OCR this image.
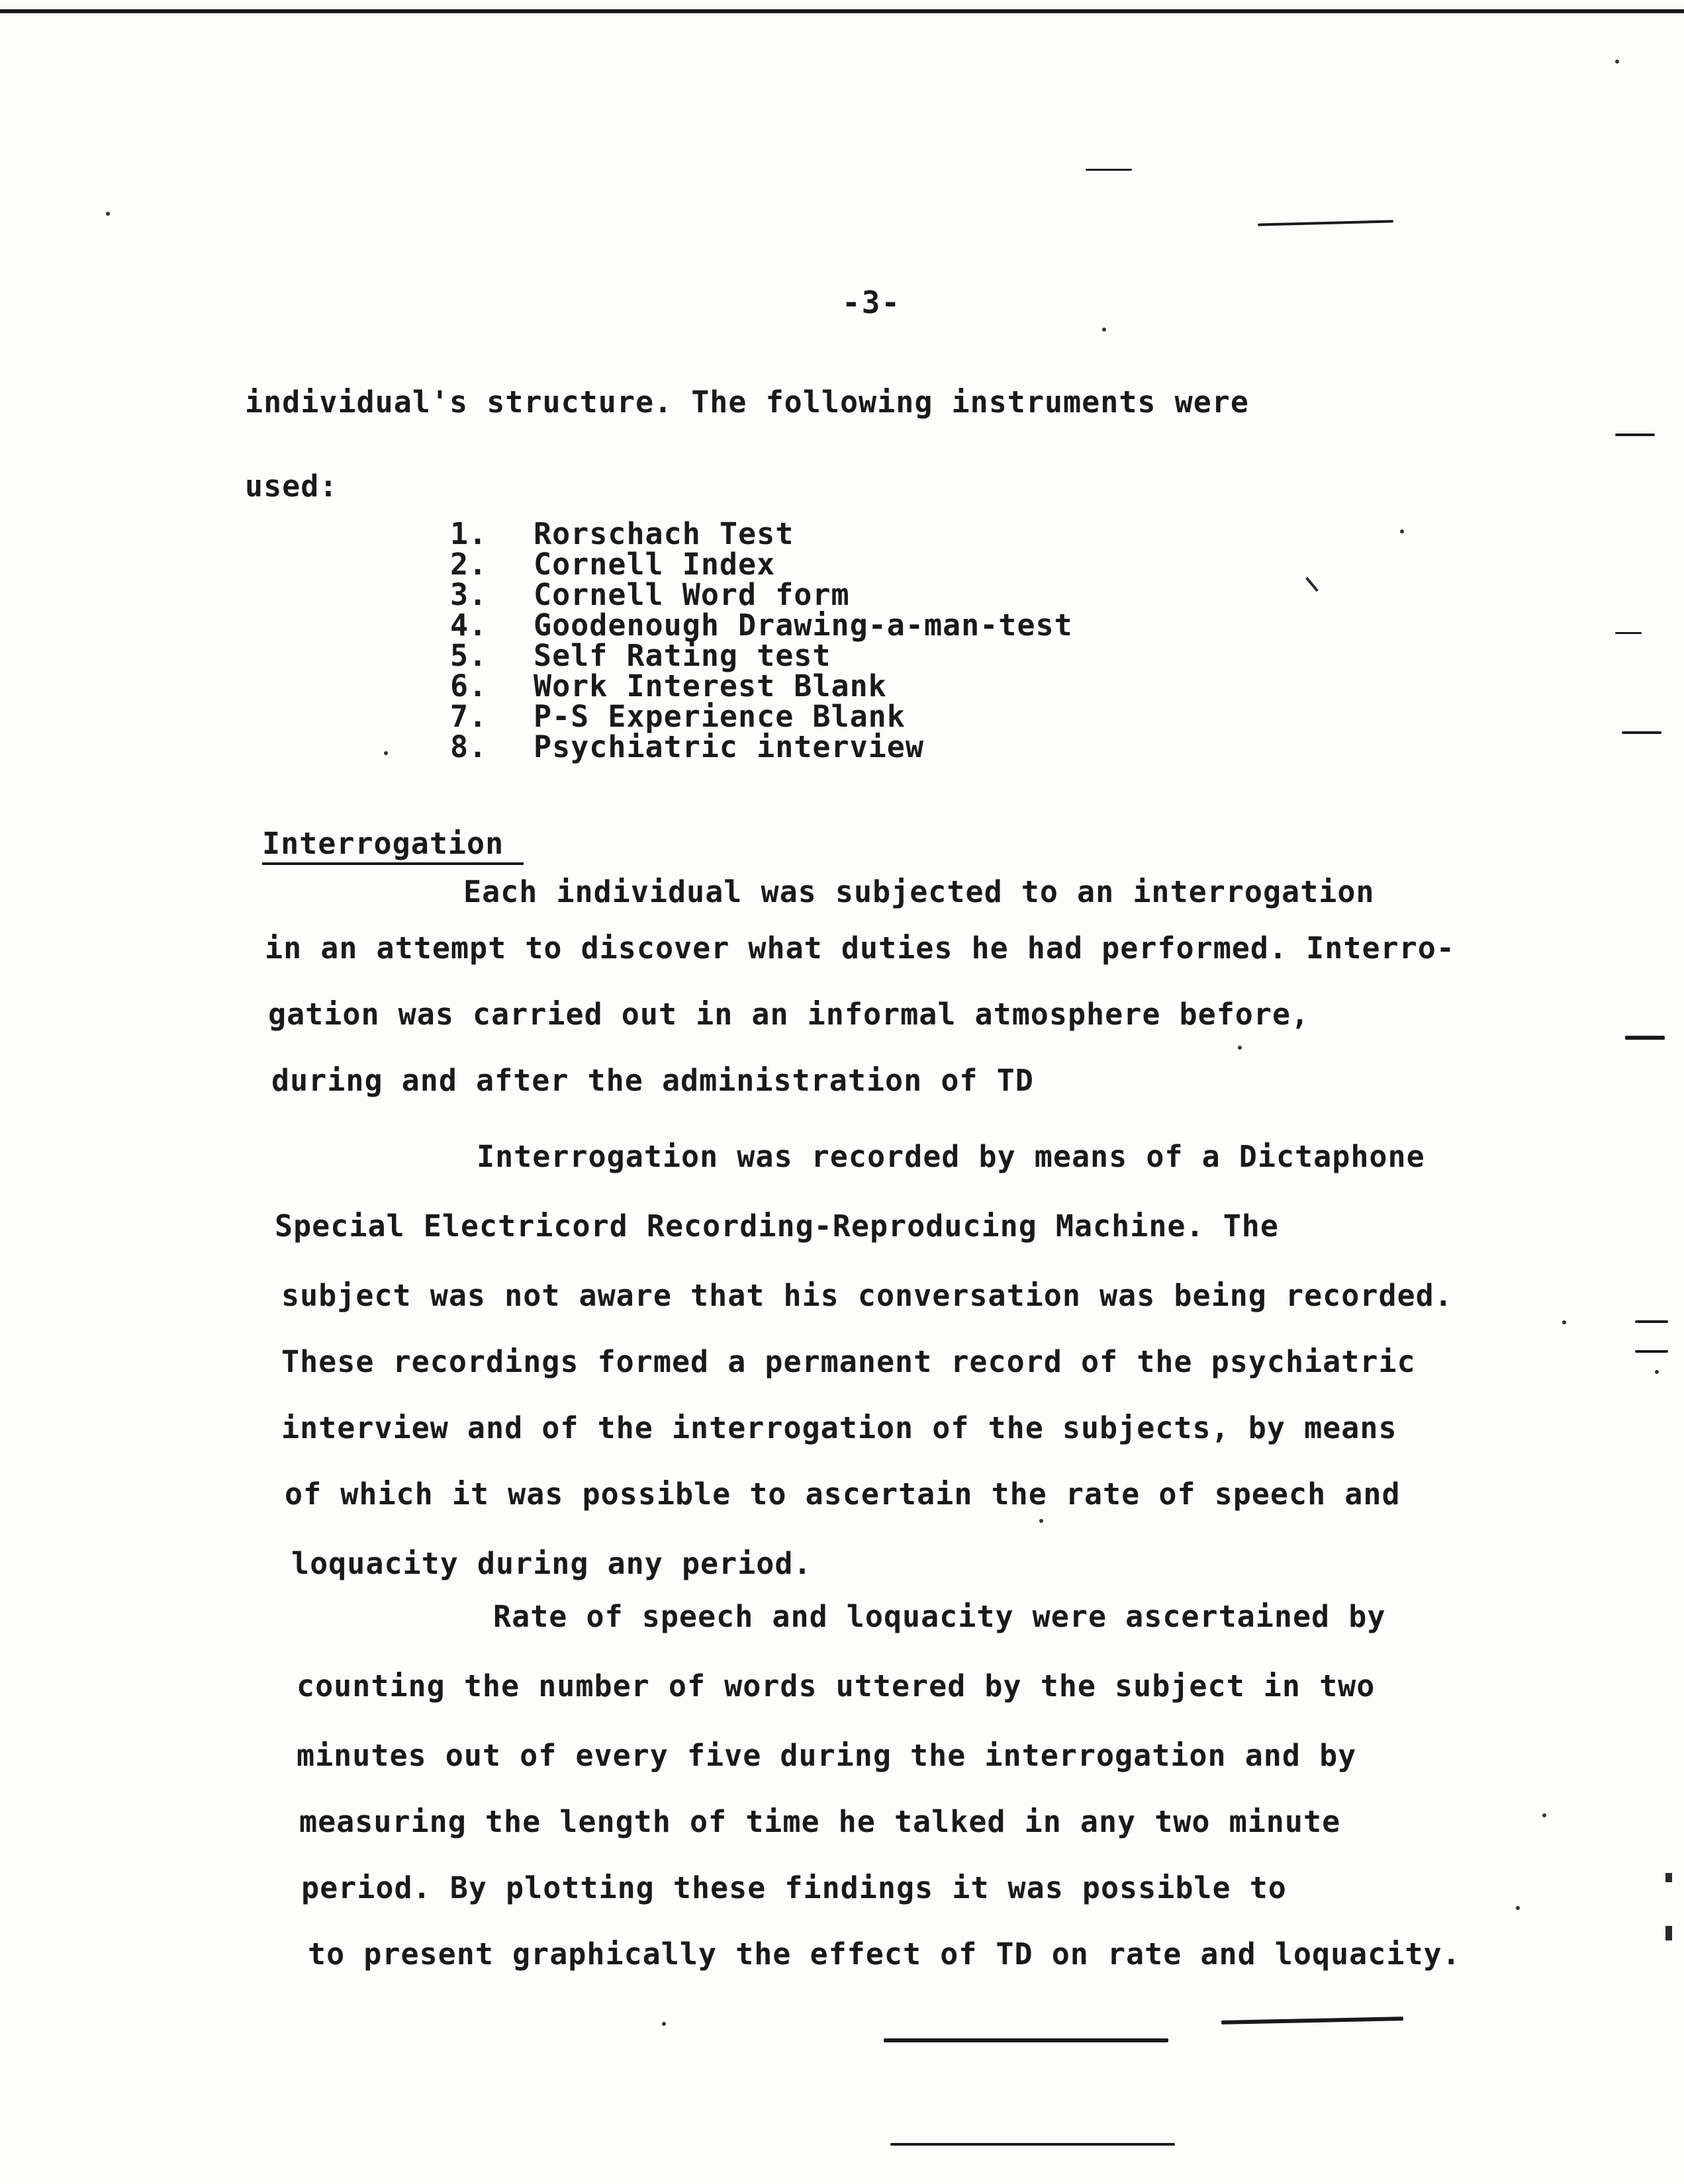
-3-
individual's structure. The following instruments were
used:
1.	Rorschach Test
2.	Cornell Index
3.	Cornell Word form
4.	Goodenough Drawing-a-man-test
5.	Self Rating test
6.	Work Interest Blank
7.	P-S Experience Blank
8.	Psychiatric interview
Interrogation
Each individual was subjected to an interrogation
in an attempt to discover what duties he had performed. Interro-
gation was carried out in an informal atmosphere before,
during and after the administration of TD
Interrogation was recorded by means of a Dictaphone
Special Electricord Recording-Reproducing Machine. The
subject was not aware that his conversation was being recorded.
These recordings formed a permanent record of the psychiatric
interview and of the interrogation of the subjects, by means
of which it was possible to ascertain the rate of speech and
loquacity during any period.
Rate of speech and loquacity were ascertained by
counting the number of words uttered by the subject in two
minutes out of every five during the interrogation and by
measuring the length of time he talked in any two minute
period. By plotting these findings it was possible to
to present graphically the effect of TD on rate and loquacity.
